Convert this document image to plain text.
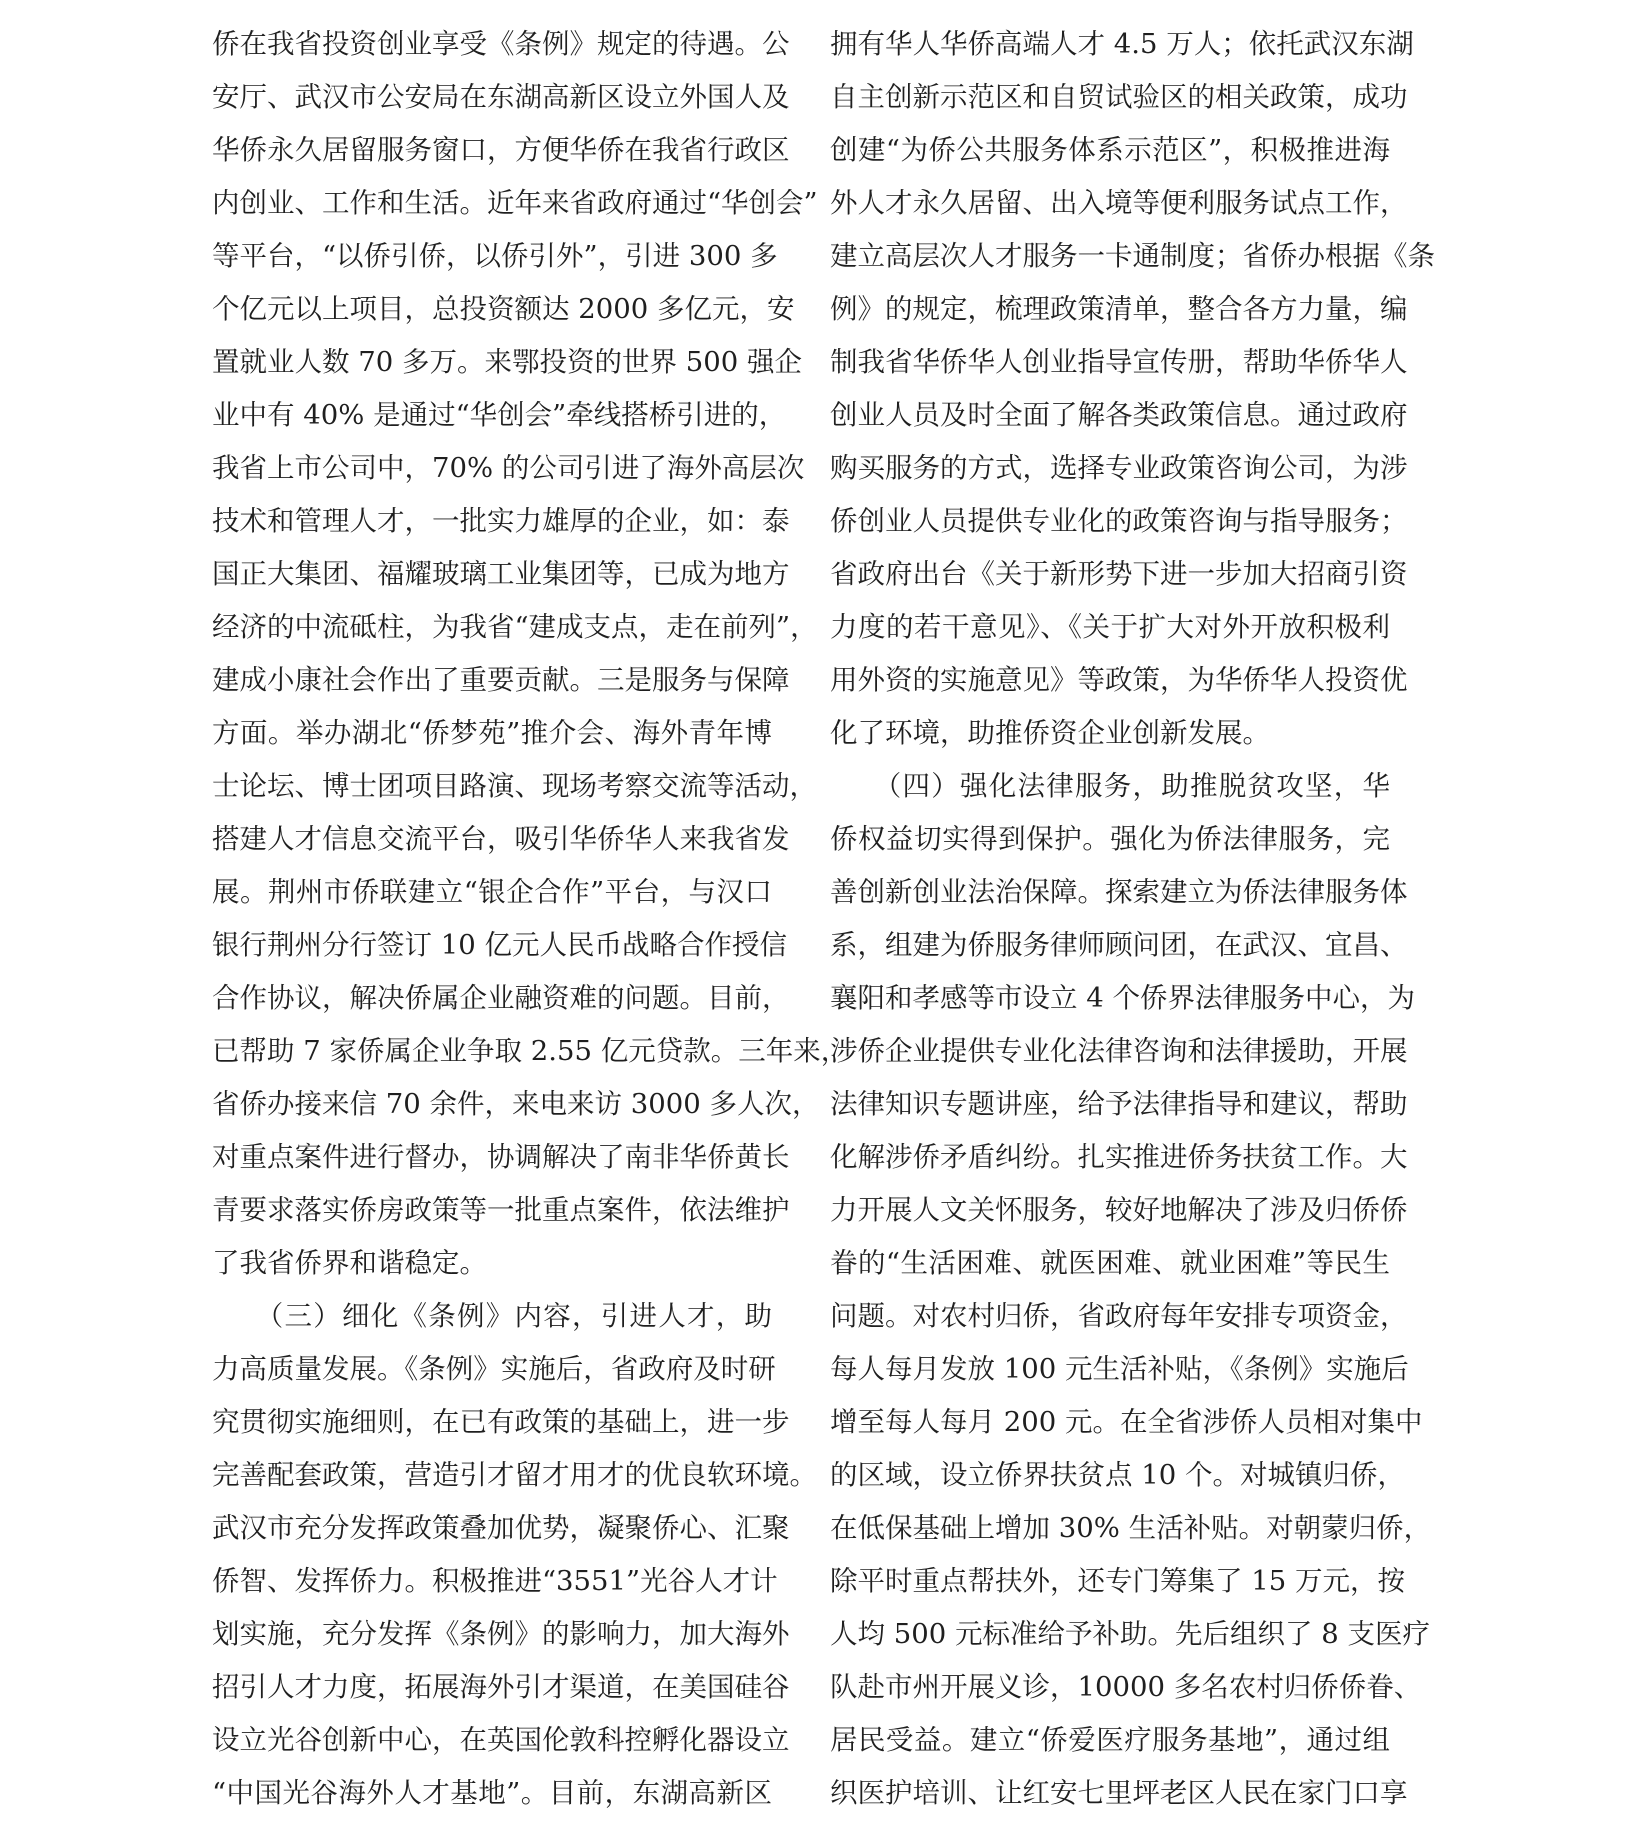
侨在我省投资创业享受《条例》规定的待遇。公
安厅、武汉市公安局在东湖高新区设立外国人及
华侨永久居留服务窗口，方便华侨在我省行政区
内创业、工作和生活。近年来省政府通过“华创会”
等平台，“以侨引侨，以侨引外”，引进 300 多
个亿元以上项目，总投资额达 2000 多亿元，安
置就业人数 70 多万。来鄂投资的世界 500 强企
业中有 40% 是通过“华创会”牵线搭桥引进的，
我省上市公司中，70% 的公司引进了海外高层次
技术和管理人才，一批实力雄厚的企业，如：泰
国正大集团、福耀玻璃工业集团等，已成为地方
经济的中流砥柱，为我省“建成支点，走在前列”，
建成小康社会作出了重要贡献。三是服务与保障
方面。举办湖北“侨梦苑”推介会、海外青年博
士论坛、博士团项目路演、现场考察交流等活动，
搭建人才信息交流平台，吸引华侨华人来我省发
展。荆州市侨联建立“银企合作”平台，与汉口
银行荆州分行签订 10 亿元人民币战略合作授信
合作协议，解决侨属企业融资难的问题。目前，
已帮助 7 家侨属企业争取 2.55 亿元贷款。三年来，
省侨办接来信 70 余件，来电来访 3000 多人次，
对重点案件进行督办，协调解决了南非华侨黄长
青要求落实侨房政策等一批重点案件，依法维护
了我省侨界和谐稳定。
　　（三）细化《条例》内容，引进人才，助
力高质量发展。《条例》实施后，省政府及时研
究贯彻实施细则，在已有政策的基础上，进一步
完善配套政策，营造引才留才用才的优良软环境。
武汉市充分发挥政策叠加优势，凝聚侨心、汇聚
侨智、发挥侨力。积极推进“3551”光谷人才计
划实施，充分发挥《条例》的影响力，加大海外
招引人才力度，拓展海外引才渠道，在美国硅谷
设立光谷创新中心，在英国伦敦科控孵化器设立
“中国光谷海外人才基地”。目前，东湖高新区
拥有华人华侨高端人才 4.5 万人；依托武汉东湖
自主创新示范区和自贸试验区的相关政策，成功
创建“为侨公共服务体系示范区”，积极推进海
外人才永久居留、出入境等便利服务试点工作，
建立高层次人才服务一卡通制度；省侨办根据《条
例》的规定，梳理政策清单，整合各方力量，编
制我省华侨华人创业指导宣传册，帮助华侨华人
创业人员及时全面了解各类政策信息。通过政府
购买服务的方式，选择专业政策咨询公司，为涉
侨创业人员提供专业化的政策咨询与指导服务；
省政府出台《关于新形势下进一步加大招商引资
力度的若干意见》、《关于扩大对外开放积极利
用外资的实施意见》等政策，为华侨华人投资优
化了环境，助推侨资企业创新发展。
　　（四）强化法律服务，助推脱贫攻坚，华
侨权益切实得到保护。强化为侨法律服务，完
善创新创业法治保障。探索建立为侨法律服务体
系，组建为侨服务律师顾问团，在武汉、宜昌、
襄阳和孝感等市设立 4 个侨界法律服务中心，为
涉侨企业提供专业化法律咨询和法律援助，开展
法律知识专题讲座，给予法律指导和建议，帮助
化解涉侨矛盾纠纷。扎实推进侨务扶贫工作。大
力开展人文关怀服务，较好地解决了涉及归侨侨
眷的“生活困难、就医困难、就业困难”等民生
问题。对农村归侨，省政府每年安排专项资金，
每人每月发放 100 元生活补贴，《条例》实施后
增至每人每月 200 元。在全省涉侨人员相对集中
的区域，设立侨界扶贫点 10 个。对城镇归侨，
在低保基础上增加 30% 生活补贴。对朝蒙归侨，
除平时重点帮扶外，还专门筹集了 15 万元，按
人均 500 元标准给予补助。先后组织了 8 支医疗
队赴市州开展义诊，10000 多名农村归侨侨眷、
居民受益。建立“侨爱医疗服务基地”，通过组
织医护培训、让红安七里坪老区人民在家门口享
